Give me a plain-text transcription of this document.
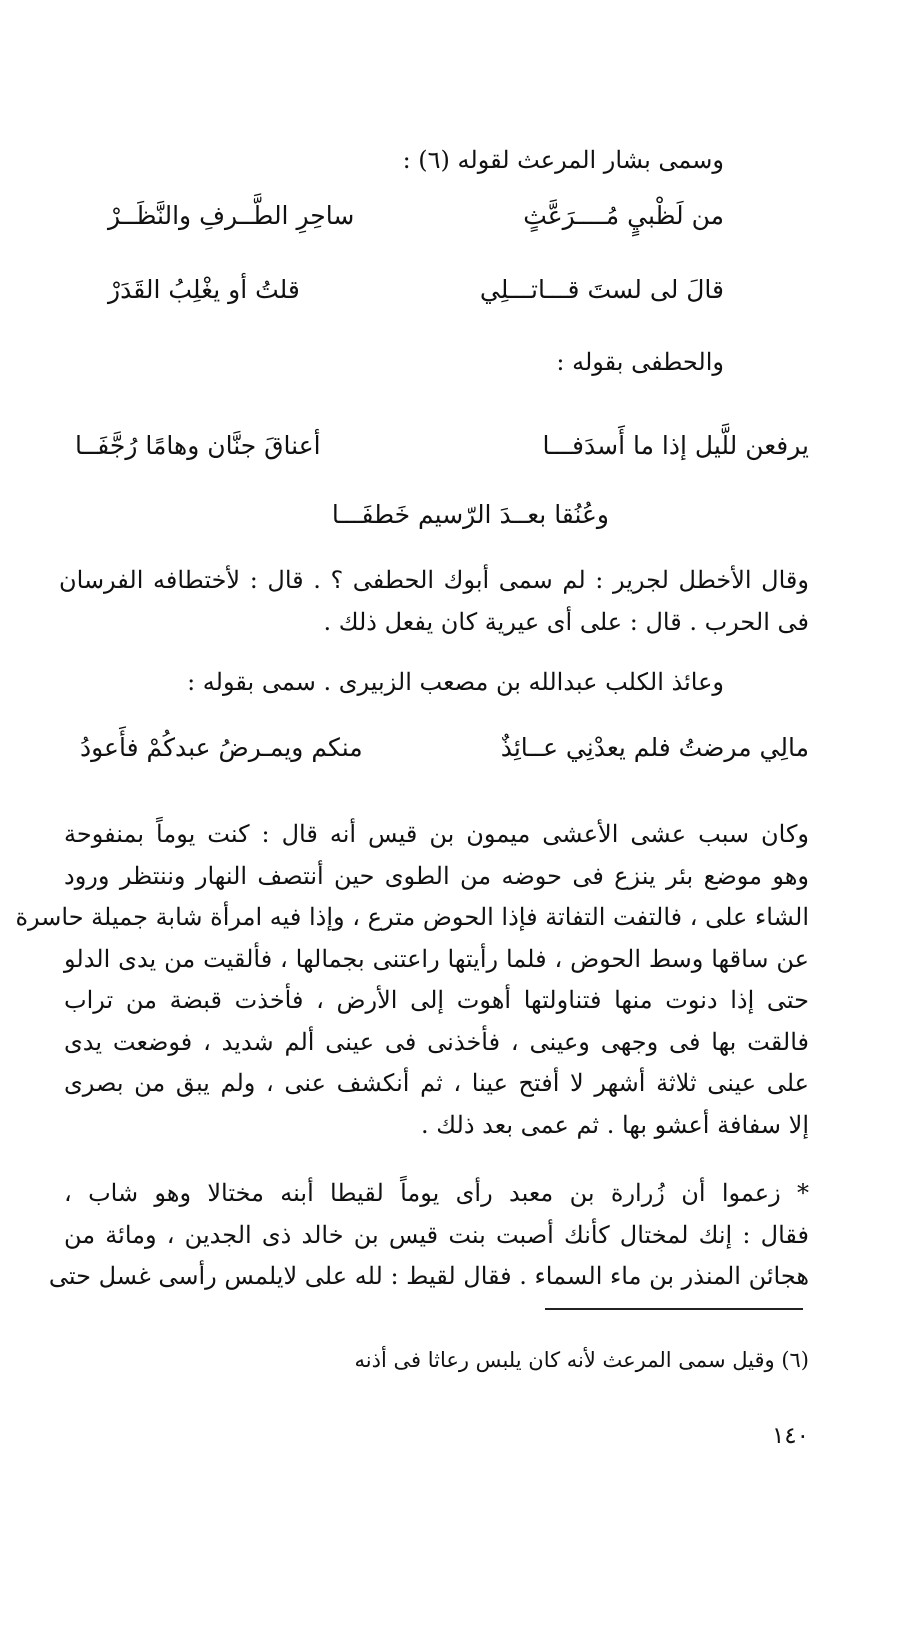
وسمى بشار المرعث لقوله (٦) :
من لَظْبيٍ مُــــرَعَّثٍ
ساحِرِ الطَّــرفِ والنَّظَــرْ
قالَ لى لستَ قـــاتـــلِي
قلتُ أو يغْلِبُ القَدَرْ
والحطفى بقوله :
يرفعن للَّيل إذا ما أَسدَفـــا
أعناقَ جنَّان وهامًا رُجَّفَــا
وعُنُقا بعــدَ الرّسيم خَطفَـــا
وقال الأخطل لجرير : لم سمى أبوك الحطفى ؟ . قال : لأختطافه الفرسان
فى الحرب . قال : على أى عيرية كان يفعل ذلك .
وعائذ الكلب عبدالله بن مصعب الزبيرى . سمى بقوله :
مالِي مرضتُ فلم يعدْنِي عــائِذٌ
منكم ويمـرضُ عبدكُمْ فأَعودُ
وكان سبب عشى الأعشى ميمون بن قيس أنه قال : كنت يوماً بمنفوحة
وهو موضع بئر ينزع فى حوضه من الطوى حين أنتصف النهار وننتظر ورود
الشاء على ، فالتفت التفاتة فإذا الحوض مترع ، وإذا فيه امرأة شابة جميلة حاسرة
عن ساقها وسط الحوض ، فلما رأيتها راعتنى بجمالها ، فألقيت من يدى الدلو
حتى إذا دنوت منها فتناولتها أهوت إلى الأرض ، فأخذت قبضة من تراب
فالقت بها فى وجهى وعينى ، فأخذنى فى عينى ألم شديد ، فوضعت يدى
على عينى ثلاثة أشهر لا أفتح عينا ، ثم أنكشف عنى ، ولم يبق من بصرى
إلا سفافة أعشو بها . ثم عمى بعد ذلك .
* زعموا أن زُرارة بن معبد رأى يوماً لقيطا أبنه مختالا وهو شاب ،
فقال : إنك لمختال كأنك أصبت بنت قيس بن خالد ذى الجدين ، ومائة من
هجائن المنذر بن ماء السماء . فقال لقيط : لله على لايلمس رأسى غسل حتى
(٦) وقيل سمى المرعث لأنه كان يلبس رعاثا فى أذنه
١٤٠
